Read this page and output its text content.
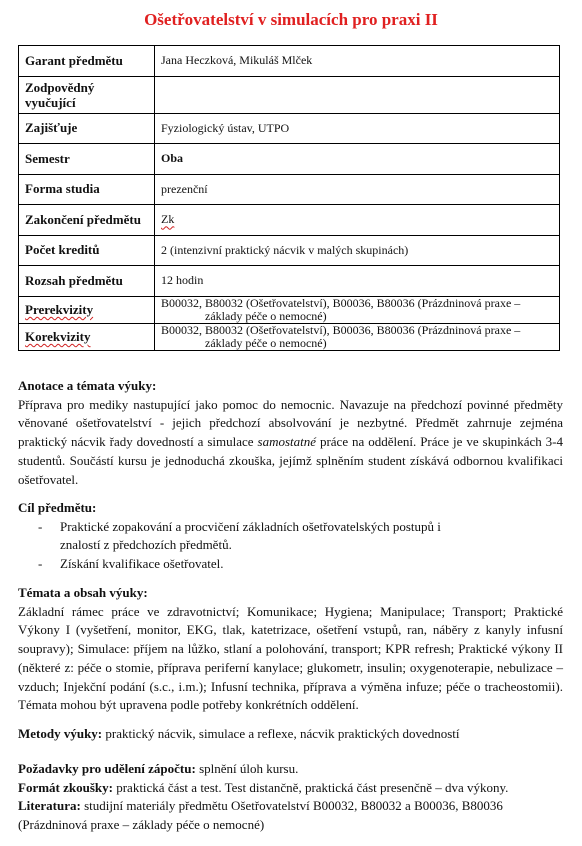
Ošetřovatelství v simulacích pro praxi II
Garant předmětu	Jana Heczková, Mikuláš Mlček
Zodpovědný vyučující	
Zajišťuje	Fyziologický ústav, UTPO
Semestr	Oba
Forma studia	prezenční
Zakončení předmětu	Zk
Počet kreditů	2 (intenzivní praktický nácvik v malých skupinách)
Rozsah předmětu	12 hodin
Prerekvizity	B00032, B80032 (Ošetřovatelství), B00036, B80036 (Prázdninová praxe –
základy péče o nemocné)

Korekvizity	B00032, B80032 (Ošetřovatelství), B00036, B80036 (Prázdninová praxe –
základy péče o nemocné)
Anotace a témata výuky:
Příprava pro mediky nastupující jako pomoc do nemocnic. Navazuje na předchozí povinné předměty věnované ošetřovatelství - jejich předchozí absolvování je nezbytné. Předmět zahrnuje zejména praktický nácvik řady dovedností a simulace samostatné práce na oddělení. Práce je ve skupinkách 3-4 studentů. Součástí kursu je jednoduchá zkouška, jejímž splněním student získává odbornou kvalifikaci ošetřovatel.
Cíl předmětu:
- Praktické zopakování a procvičení základních ošetřovatelských postupů i znalostí z předchozích předmětů.
- Získání kvalifikace ošetřovatel.
Témata a obsah výuky:
Základní rámec práce ve zdravotnictví; Komunikace; Hygiena; Manipulace; Transport; Praktické Výkony I (vyšetření, monitor, EKG, tlak, katetrizace, ošetření vstupů, ran, náběry z kanyly infusní soupravy); Simulace: příjem na lůžko, stlaní a polohování, transport; KPR refresh; Praktické výkony II (některé z: péče o stomie, příprava periferní kanylace; glukometr, insulin; oxygenoterapie, nebulizace – vzduch; Injekční podání (s.c., i.m.); Infusní technika, příprava a výměna infuze; péče o tracheostomii). Témata mohou být upravena podle potřeby konkrétních oddělení.
Metody výuky: praktický nácvik, simulace a reflexe, nácvik praktických dovedností
Požadavky pro udělení zápočtu: splnění úloh kursu.
Formát zkoušky: praktická část a test. Test distančně, praktická část presenčně – dva výkony.
Literatura: studijní materiály předmětu Ošetřovatelství B00032, B80032 a B00036, B80036 (Prázdninová praxe – základy péče o nemocné)
